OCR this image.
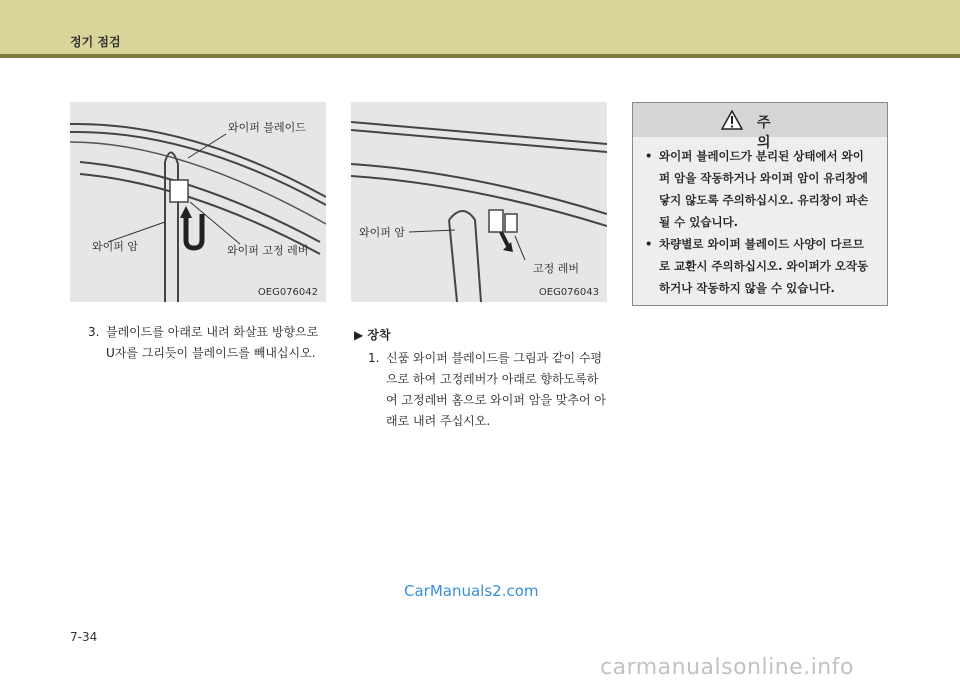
정기 점검
와이퍼 블레이드
와이퍼 암	와이퍼 고정 레버
OEG076042
와이퍼 암
고정 레버
OEG076043
3. 블레이드를 아래로 내려 화살표 방향으로
U자를 그리듯이 블레이드를 빼내십시오.
▶ 장착
1. 신품 와이퍼 블레이드를 그림과 같이 수평
으로 하여 고정레버가 아래로 향하도록하
여 고정레버 홈으로 와이퍼 암을 맞추어 아
래로 내려 주십시오.
주 의
• 와이퍼 블레이드가 분리된 상태에서 와이
퍼 암을 작동하거나 와이퍼 암이 유리창에
닿지 않도록 주의하십시오. 유리창이 파손
될 수 있습니다.
• 차량별로 와이퍼 블레이드 사양이 다르므
로 교환시 주의하십시오. 와이퍼가 오작동
하거나 작동하지 않을 수 있습니다.
CarManuals2.com
7-34
carmanualsonline.info
